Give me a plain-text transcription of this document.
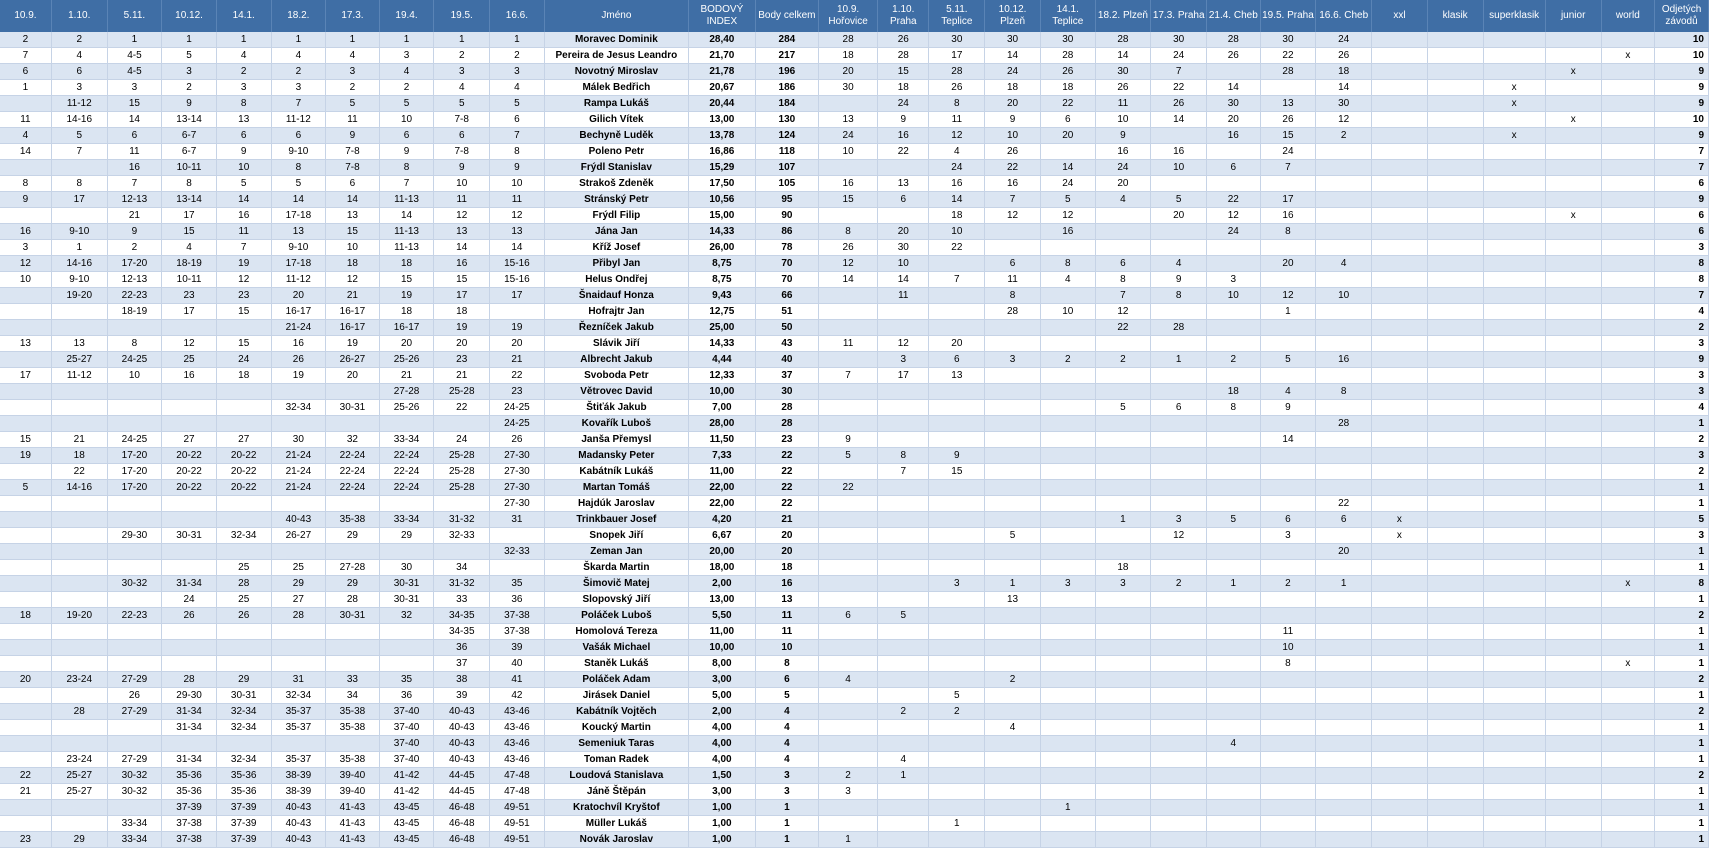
10.9.	1.10.	5.11.	10.12.	14.1.	18.2.	17.3.	19.4.	19.5.	16.6.	Jméno	BODOVÝ INDEX	Body celkem	10.9. Hořovice	1.10. Praha	5.11. Teplice	10.12. Plzeň	14.1. Teplice	18.2. Plzeň	17.3. Praha	21.4. Cheb	19.5. Praha	16.6. Cheb	xxl	klasik	superklasik	junior	world	Odjetých závodů
2	2	1	1	1	1	1	1	1	1	Moravec Dominik	28,40	284	28	26	30	30	30	28	30	28	30	24						10
7	4	4-5	5	4	4	4	3	2	2	Pereira de Jesus Leandro	21,70	217	18	28	17	14	28	14	24	26	22	26					x	10
6	6	4-5	3	2	2	3	4	3	3	Novotný Miroslav	21,78	196	20	15	28	24	26	30	7		28	18				x		9
1	3	3	2	3	3	2	2	4	4	Málek Bedřich	20,67	186	30	18	26	18	18	26	22	14		14			x			9
	11-12	15	9	8	7	5	5	5	5	Rampa Lukáš	20,44	184		24	8	20	22	11	26	30	13	30			x			9
11	14-16	14	13-14	13	11-12	11	10	7-8	6	Gilich Vítek	13,00	130	13	9	11	9	6	10	14	20	26	12				x		10
4	5	6	6-7	6	6	9	6	6	7	Bechyně Luděk	13,78	124	24	16	12	10	20	9		16	15	2			x			9
14	7	11	6-7	9	9-10	7-8	9	7-8	8	Poleno Petr	16,86	118	10	22	4	26		16	16		24							7
		16	10-11	10	8	7-8	8	9	9	Frýdl Stanislav	15,29	107			24	22	14	24	10	6	7							7
8	8	7	8	5	5	6	7	10	10	Strakoš Zdeněk	17,50	105	16	13	16	16	24	20										6
9	17	12-13	13-14	14	14	14	11-13	11	11	Stránský Petr	10,56	95	15	6	14	7	5	4	5	22	17							9
		21	17	16	17-18	13	14	12	12	Frýdl Filip	15,00	90			18	12	12		20	12	16					x		6
16	9-10	9	15	11	13	15	11-13	13	13	Jána Jan	14,33	86	8	20	10		16			24	8							6
3	1	2	4	7	9-10	10	11-13	14	14	Kříž Josef	26,00	78	26	30	22													3
12	14-16	17-20	18-19	19	17-18	18	18	16	15-16	Přibyl Jan	8,75	70	12	10		6	8	6	4		20	4						8
10	9-10	12-13	10-11	12	11-12	12	15	15	15-16	Helus Ondřej	8,75	70	14	14	7	11	4	8	9	3								8
	19-20	22-23	23	23	20	21	19	17	17	Šnaidauf Honza	9,43	66		11		8		7	8	10	12	10						7
		18-19	17	15	16-17	16-17	18	18		Hofrajtr Jan	12,75	51				28	10	12			1							4
					21-24	16-17	16-17	19	19	Řezníček Jakub	25,00	50						22	28									2
13	13	8	12	15	16	19	20	20	20	Slávik Jiří	14,33	43	11	12	20													3
	25-27	24-25	25	24	26	26-27	25-26	23	21	Albrecht Jakub	4,44	40		3	6	3	2	2	1	2	5	16						9
17	11-12	10	16	18	19	20	21	21	22	Svoboda Petr	12,33	37	7	17	13													3
							27-28	25-28	23	Větrovec David	10,00	30								18	4	8						3
					32-34	30-31	25-26	22	24-25	Štiťák Jakub	7,00	28						5	6	8	9							4
									24-25	Kovařík Luboš	28,00	28										28						1
15	21	24-25	27	27	30	32	33-34	24	26	Janša Přemysl	11,50	23	9								14							2
19	18	17-20	20-22	20-22	21-24	22-24	22-24	25-28	27-30	Madansky Peter	7,33	22	5	8	9													3
	22	17-20	20-22	20-22	21-24	22-24	22-24	25-28	27-30	Kabátník Lukáš	11,00	22		7	15													2
5	14-16	17-20	20-22	20-22	21-24	22-24	22-24	25-28	27-30	Martan Tomáš	22,00	22	22															1
									27-30	Hajdúk Jaroslav	22,00	22										22						1
					40-43	35-38	33-34	31-32	31	Trinkbauer Josef	4,20	21						1	3	5	6	6	x					5
		29-30	30-31	32-34	26-27	29	29	32-33		Snopek Jiří	6,67	20				5			12		3		x					3
									32-33	Zeman Jan	20,00	20										20						1
				25	25	27-28	30	34		Škarda Martin	18,00	18						18										1
		30-32	31-34	28	29	29	30-31	31-32	35	Šimovič Matej	2,00	16			3	1	3	3	2	1	2	1					x	8
			24	25	27	28	30-31	33	36	Slopovský Jiří	13,00	13				13												1
18	19-20	22-23	26	26	28	30-31	32	34-35	37-38	Poláček Luboš	5,50	11	6	5														2
								34-35	37-38	Homolová Tereza	11,00	11									11							1
								36	39	Vašák Michael	10,00	10									10							1
								37	40	Staněk Lukáš	8,00	8									8						x	1
20	23-24	27-29	28	29	31	33	35	38	41	Poláček Adam	3,00	6	4			2												2
		26	29-30	30-31	32-34	34	36	39	42	Jirásek Daniel	5,00	5			5													1
	28	27-29	31-34	32-34	35-37	35-38	37-40	40-43	43-46	Kabátník Vojtěch	2,00	4		2	2													2
			31-34	32-34	35-37	35-38	37-40	40-43	43-46	Koucký Martin	4,00	4				4												1
							37-40	40-43	43-46	Semeniuk Taras	4,00	4								4								1
	23-24	27-29	31-34	32-34	35-37	35-38	37-40	40-43	43-46	Toman Radek	4,00	4		4														1
22	25-27	30-32	35-36	35-36	38-39	39-40	41-42	44-45	47-48	Loudová Stanislava	1,50	3	2	1														2
21	25-27	30-32	35-36	35-36	38-39	39-40	41-42	44-45	47-48	Jáně Štěpán	3,00	3	3															1
			37-39	37-39	40-43	41-43	43-45	46-48	49-51	Kratochvíl Kryštof	1,00	1					1											1
		33-34	37-38	37-39	40-43	41-43	43-45	46-48	49-51	Müller Lukáš	1,00	1			1													1
23	29	33-34	37-38	37-39	40-43	41-43	43-45	46-48	49-51	Novák Jaroslav	1,00	1	1															1
